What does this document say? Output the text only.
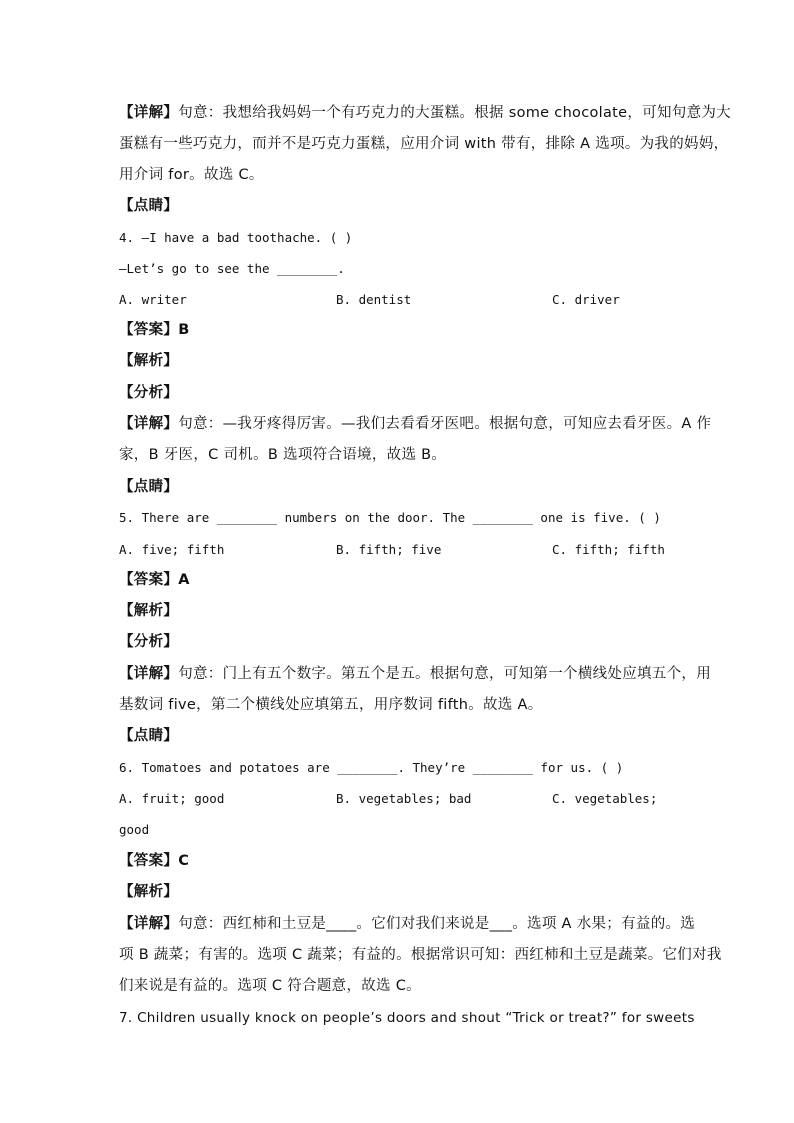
【详解】句意：我想给我妈妈一个有巧克力的大蛋糕。根据 some chocolate，可知句意为大
蛋糕有一些巧克力，而并不是巧克力蛋糕，应用介词 with 带有，排除 A 选项。为我的妈妈，
用介词 for。故选 C。
【点睛】
4. —I have a bad toothache. ( )
—Let’s go to see the ________.
A. writer	B. dentist	C. driver
【答案】B
【解析】
【分析】
【详解】句意：—我牙疼得厉害。—我们去看看牙医吧。根据句意，可知应去看牙医。A 作
家，B 牙医，C 司机。B 选项符合语境，故选 B。
【点睛】
5. There are ________ numbers on the door. The ________ one is five. ( )
A. five; fifth	B. fifth; five	C. fifth; fifth
【答案】A
【解析】
【分析】
【详解】句意：门上有五个数字。第五个是五。根据句意，可知第一个横线处应填五个，用
基数词 five，第二个横线处应填第五，用序数词 fifth。故选 A。
【点睛】
6. Tomatoes and potatoes are ________. They’re ________ for us. ( )
A. fruit; good	B. vegetables; bad	C. vegetables;
good
【答案】C
【解析】
【详解】句意：西红柿和土豆是____。它们对我们来说是___。选项 A 水果；有益的。选
项 B 蔬菜；有害的。选项 C 蔬菜；有益的。根据常识可知：西红柿和土豆是蔬菜。它们对我
们来说是有益的。选项 C 符合题意，故选 C。
7. Children usually knock on people’s doors and shout “Trick or treat?” for sweets
